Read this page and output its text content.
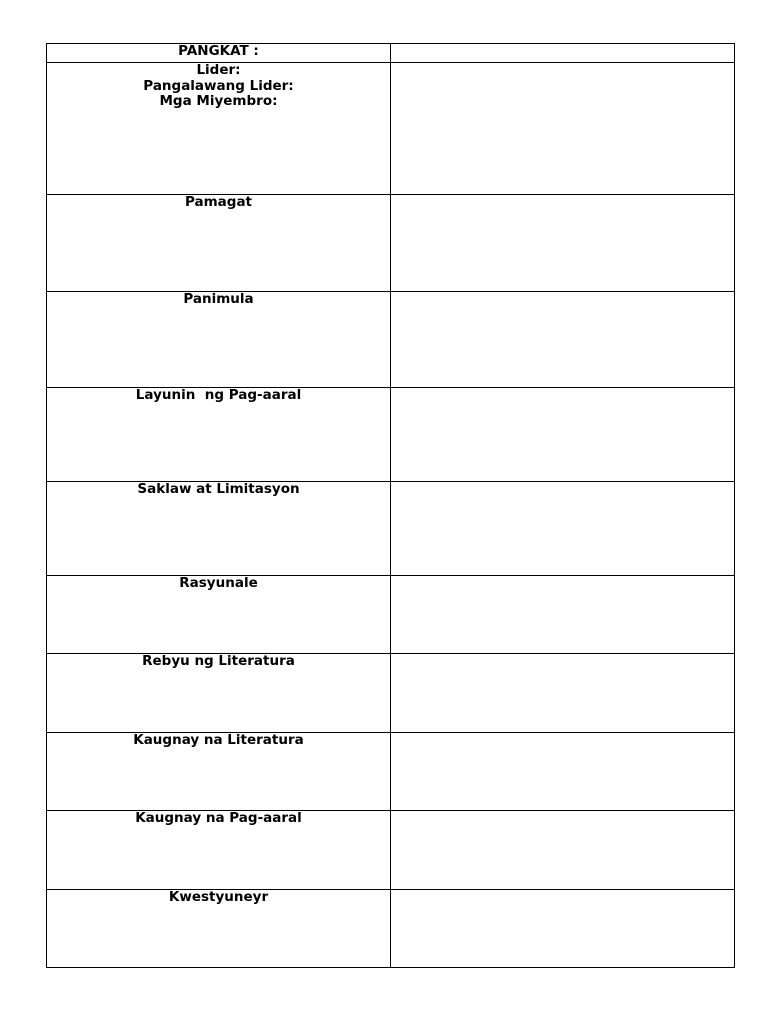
PANGKAT :	

Lider:
Pangalawang Lider:
Mga Miyembro:	

Pamagat	

Panimula	

Layunin  ng Pag-aaral	

Saklaw at Limitasyon	

Rasyunale	

Rebyu ng Literatura	

Kaugnay na Literatura	

Kaugnay na Pag-aaral	

Kwestyuneyr	
